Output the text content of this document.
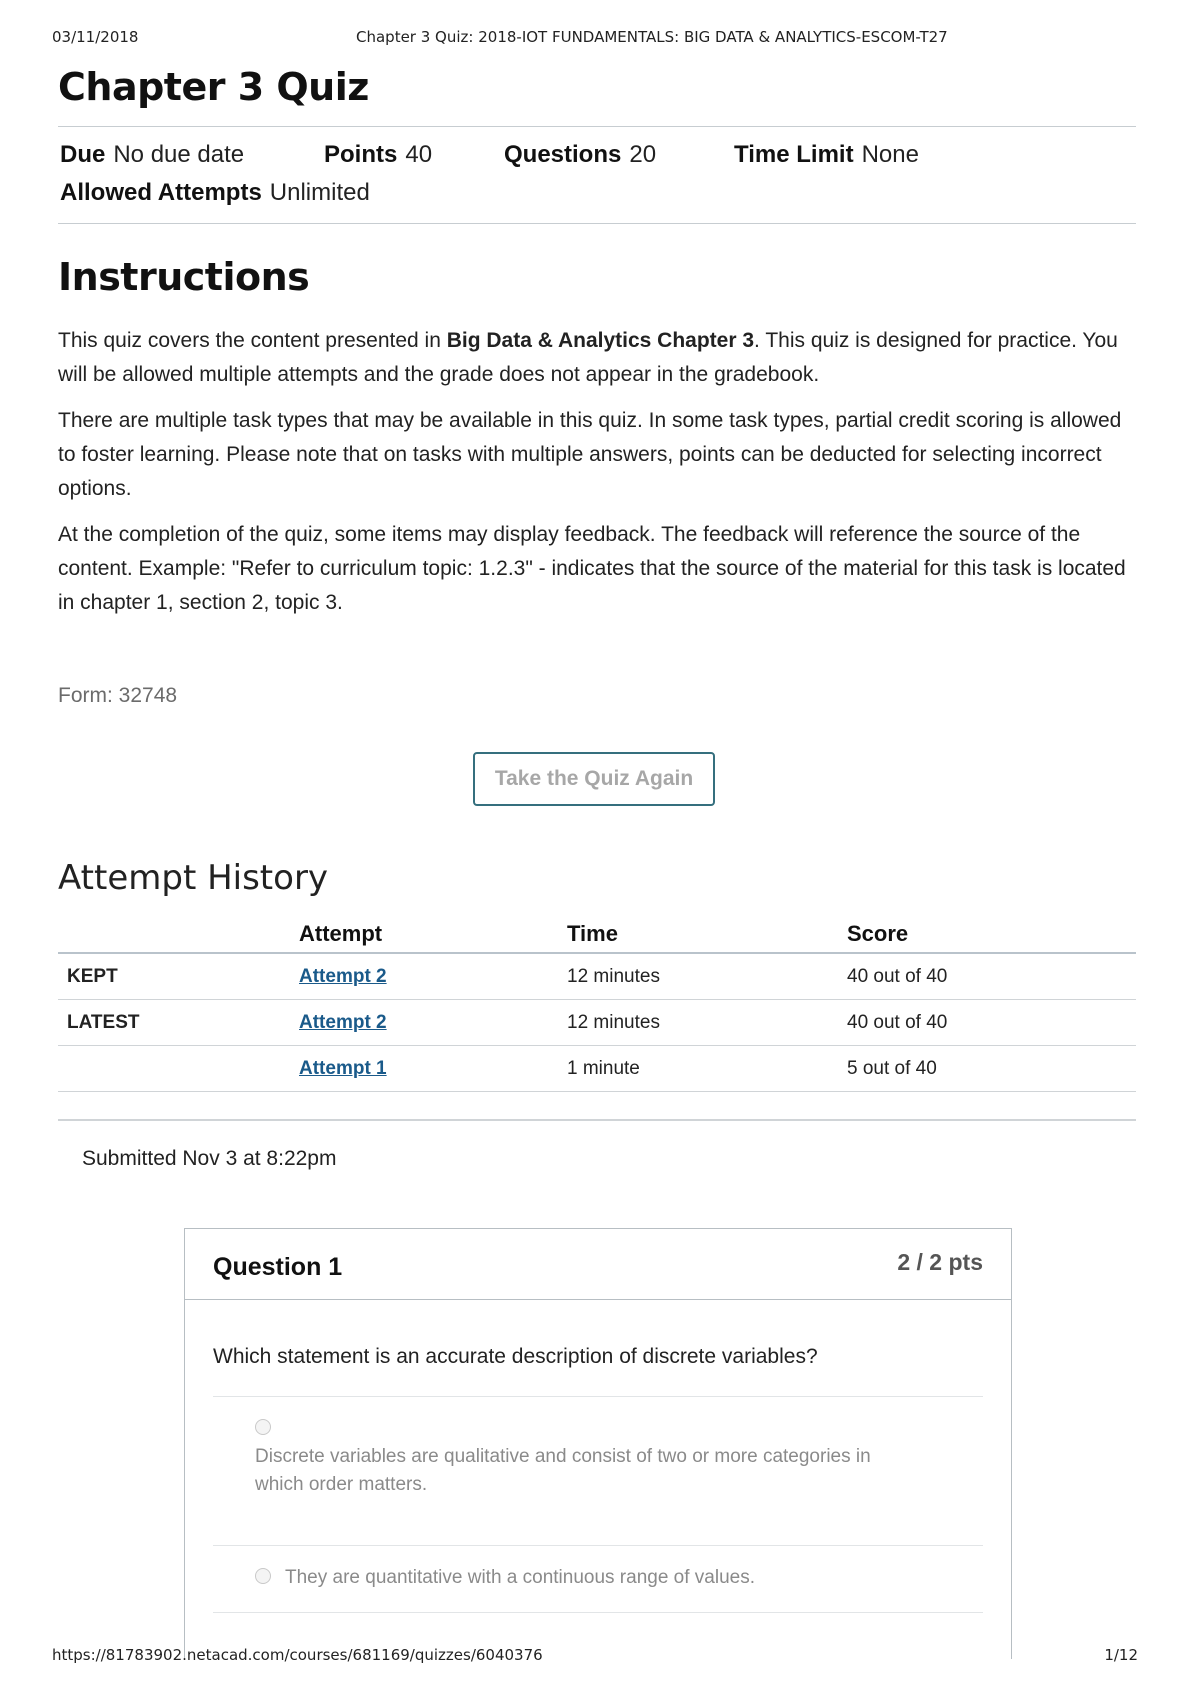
03/11/2018	Chapter 3 Quiz: 2018-IOT FUNDAMENTALS: BIG DATA & ANALYTICS-ESCOM-T27
Chapter 3 Quiz
Due No due date	Points 40	Questions 20	Time Limit None
Allowed Attempts Unlimited
Instructions

This quiz covers the content presented in Big Data & Analytics Chapter 3. This quiz is designed for practice. You will be allowed multiple attempts and the grade does not appear in the gradebook.

There are multiple task types that may be available in this quiz. In some task types, partial credit scoring is allowed to foster learning. Please note that on tasks with multiple answers, points can be deducted for selecting incorrect options.

At the completion of the quiz, some items may display feedback. The feedback will reference the source of the content. Example: "Refer to curriculum topic: 1.2.3" - indicates that the source of the material for this task is located in chapter 1, section 2, topic 3.

Form: 32748
Take the Quiz Again
Attempt History
	Attempt	Time	Score
KEPT	Attempt 2	12 minutes	40 out of 40
LATEST	Attempt 2	12 minutes	40 out of 40
	Attempt 1	1 minute	5 out of 40
Submitted Nov 3 at 8:22pm
Question 1	2 / 2 pts
Which statement is an accurate description of discrete variables?
Discrete variables are qualitative and consist of two or more categories in which order matters.
They are quantitative with a continuous range of values.
https://81783902.netacad.com/courses/681169/quizzes/6040376	1/12
